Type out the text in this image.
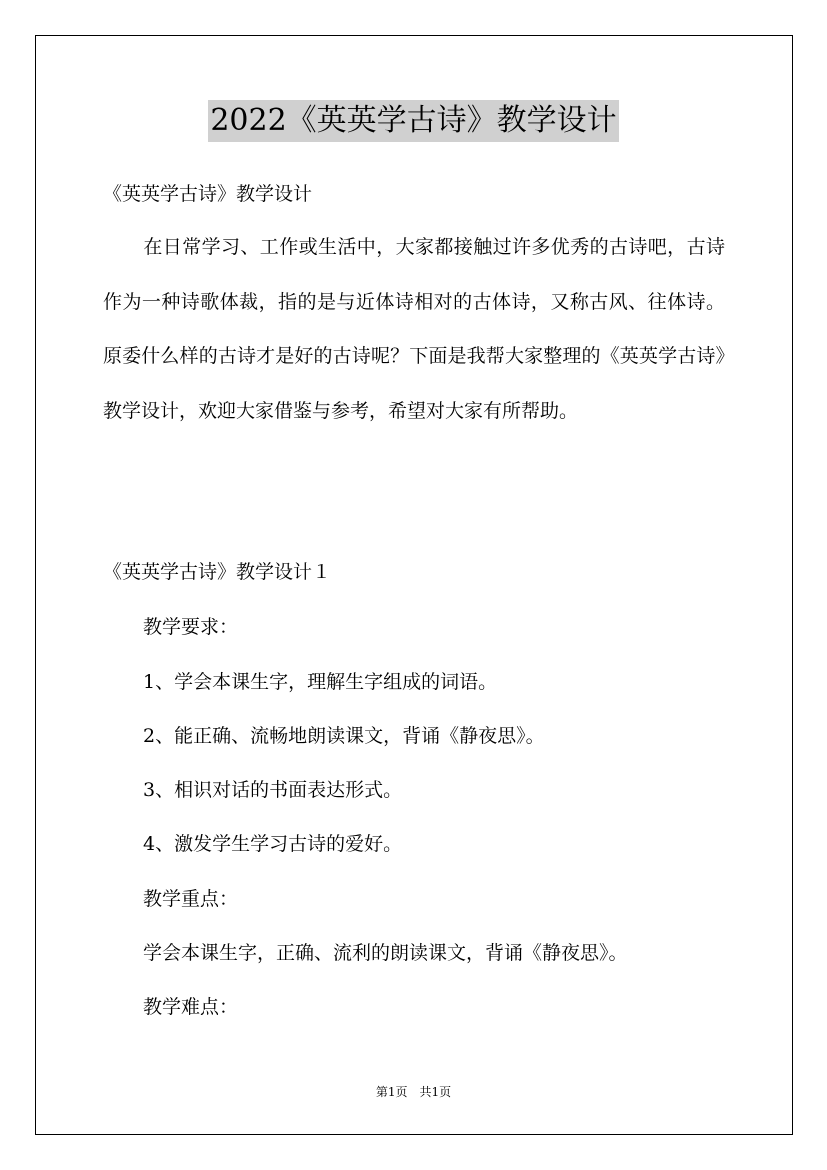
2022《英英学古诗》教学设计
《英英学古诗》教学设计
在日常学习、工作或生活中，大家都接触过许多优秀的古诗吧，古诗作为一种诗歌体裁，指的是与近体诗相对的古体诗，又称古风、往体诗。原委什么样的古诗才是好的古诗呢？下面是我帮大家整理的《英英学古诗》教学设计，欢迎大家借鉴与参考，希望对大家有所帮助。
《英英学古诗》教学设计１
教学要求：
1、学会本课生字，理解生字组成的词语。
2、能正确、流畅地朗读课文，背诵《静夜思》。
3、相识对话的书面表达形式。
4、激发学生学习古诗的爱好。
教学重点：
学会本课生字，正确、流利的朗读课文，背诵《静夜思》。
教学难点：
第1页　共1页
